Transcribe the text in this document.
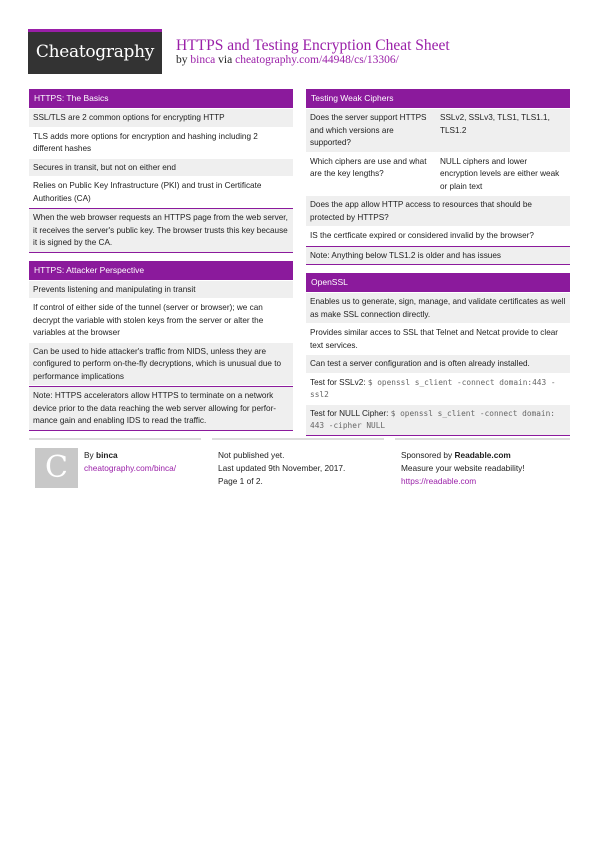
Cheatography	HTTPS and Testing Encryption Cheat Sheet
by binca via cheatography.com/44948/cs/13306/
HTTPS: The Basics
SSL/TLS are 2 common options for encrypting HTTP
TLS adds more options for encryption and hashing including 2 different hashes
Secures in transit, but not on either end
Relies on Public Key Infrastructure (PKI) and trust in Certificate Authorities (CA)
When the web browser requests an HTTPS page from the web server, it receives the server's public key. The browser trusts this key because it is signed by the CA.
HTTPS: Attacker Perspective
Prevents listening and manipulating in transit
If control of either side of the tunnel (server or browser); we can decrypt the variable with stolen keys from the server or alter the variables at the browser
Can be used to hide attacker's traffic from NIDS, unless they are configured to perform on-the-fly decryptions, which is unusual due to performance implications
Note: HTTPS accelerators allow HTTPS to terminate on a network device prior to the data reaching the web server allowing for performance gain and enabling IDS to read the traffic.
Testing Weak Ciphers
Does the server support HTTPS and which versions are supported?
SSLv2, SSLv3, TLS1, TLS1.1, TLS1.2
Which ciphers are use and what are the key lengths?
NULL ciphers and lower encryption levels are either weak or plain text
Does the app allow HTTP access to resources that should be protected by HTTPS?
IS the certficate expired or considered invalid by the browser?
Note: Anything below TLS1.2 is older and has issues
OpenSSL
Enables us to generate, sign, manage, and validate certificates as well as make SSL connection directly.
Provides similar acces to SSL that Telnet and Netcat provide to clear text services.
Can test a server configuration and is often already installed.
Test for SSLv2: $ openssl s_client -connect domain:443 -ssl2
Test for NULL Cipher: $ openssl s_client -connect domain: 443 -cipher NULL
C	By binca
cheatography.com/binca/
Not published yet.
Last updated 9th November, 2017.
Page 1 of 2.
Sponsored by Readable.com
Measure your website readability!
https://readable.com
